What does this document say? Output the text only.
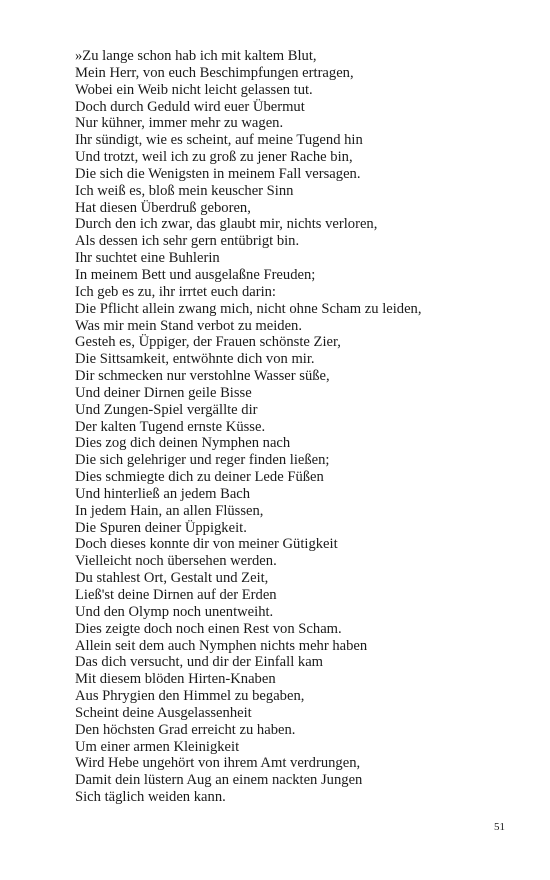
»Zu lange schon hab ich mit kaltem Blut,
Mein Herr, von euch Beschimpfungen ertragen,
Wobei ein Weib nicht leicht gelassen tut.
Doch durch Geduld wird euer Übermut
Nur kühner, immer mehr zu wagen.
Ihr sündigt, wie es scheint, auf meine Tugend hin
Und trotzt, weil ich zu groß zu jener Rache bin,
Die sich die Wenigsten in meinem Fall versagen.
Ich weiß es, bloß mein keuscher Sinn
Hat diesen Überdruß geboren,
Durch den ich zwar, das glaubt mir, nichts verloren,
Als dessen ich sehr gern entübrigt bin.
Ihr suchtet eine Buhlerin
In meinem Bett und ausgelaßne Freuden;
Ich geb es zu, ihr irrtet euch darin:
Die Pflicht allein zwang mich, nicht ohne Scham zu leiden,
Was mir mein Stand verbot zu meiden.
Gesteh es, Üppiger, der Frauen schönste Zier,
Die Sittsamkeit, entwöhnte dich von mir.
Dir schmecken nur verstohlne Wasser süße,
Und deiner Dirnen geile Bisse
Und Zungen-Spiel vergällte dir
Der kalten Tugend ernste Küsse.
Dies zog dich deinen Nymphen nach
Die sich gelehriger und reger finden ließen;
Dies schmiegte dich zu deiner Lede Füßen
Und hinterließ an jedem Bach
In jedem Hain, an allen Flüssen,
Die Spuren deiner Üppigkeit.
Doch dieses konnte dir von meiner Gütigkeit
Vielleicht noch übersehen werden.
Du stahlest Ort, Gestalt und Zeit,
Ließ'st deine Dirnen auf der Erden
Und den Olymp noch unentweiht.
Dies zeigte doch noch einen Rest von Scham.
Allein seit dem auch Nymphen nichts mehr haben
Das dich versucht, und dir der Einfall kam
Mit diesem blöden Hirten-Knaben
Aus Phrygien den Himmel zu begaben,
Scheint deine Ausgelassenheit
Den höchsten Grad erreicht zu haben.
Um einer armen Kleinigkeit
Wird Hebe ungehört von ihrem Amt verdrungen,
Damit dein lüstern Aug an einem nackten Jungen
Sich täglich weiden kann.
51
